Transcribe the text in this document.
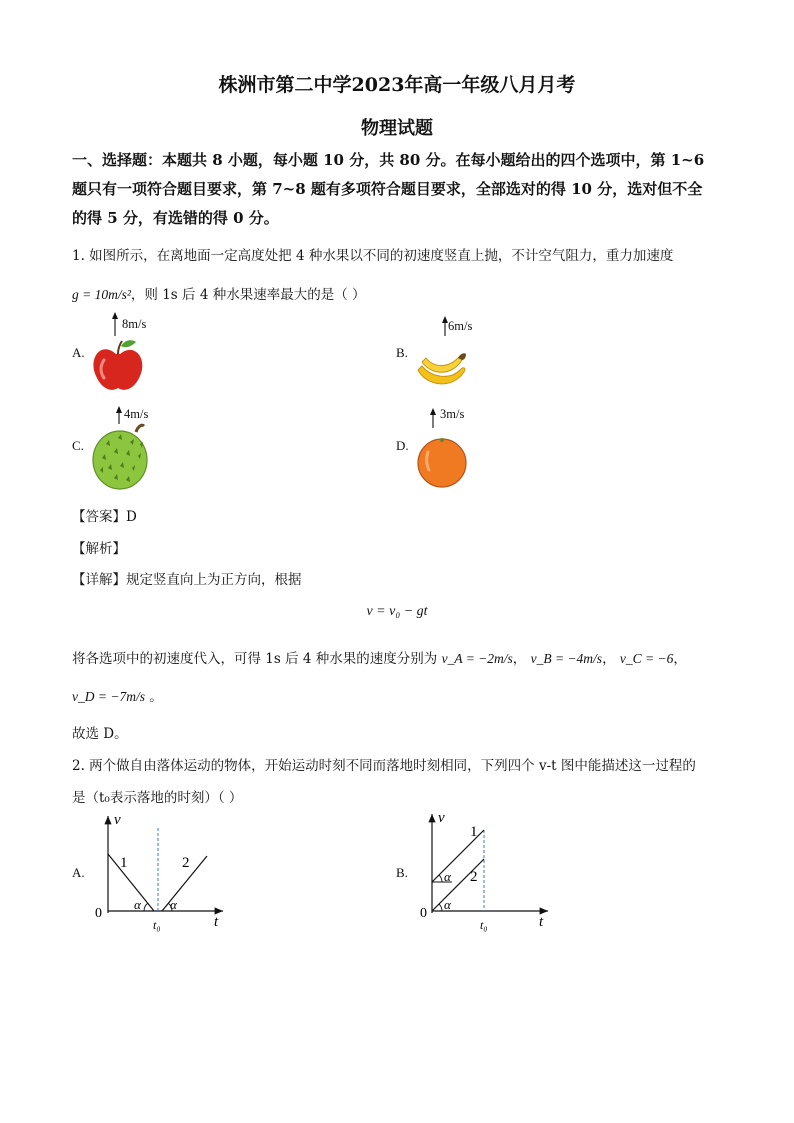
株洲市第二中学2023年高一年级八月月考
物理试题
一、选择题：本题共 8 小题，每小题 10 分，共 80 分。在每小题给出的四个选项中，第 1~6
题只有一项符合题目要求，第 7~8 题有多项符合题目要求，全部选对的得 10 分，选对但不全
的得 5 分，有选错的得 0 分。
1. 如图所示，在离地面一定高度处把 4 种水果以不同的初速度竖直上抛，不计空气阻力，重力加速度
g = 10m/s²，则 1s 后 4 种水果速率最大的是（ ）
A.
8m/s
B.
6m/s
C.
4m/s
D.
3m/s
【答案】D
【解析】
【详解】规定竖直向上为正方向，根据
v = v₀ − gt
将各选项中的初速度代入，可得 1s 后 4 种水果的速度分别为 v_A = −2m/s， v_B = −4m/s， v_C = −6，
v_D = −7m/s 。
故选 D。
2. 两个做自由落体运动的物体，开始运动时刻不同而落地时刻相同，下列四个 v-t 图中能描述这一过程的
是（t₀表示落地的时刻）（ ）
A.
v
t
0
t₀
1	2
α α
B.
v
t
0
t₀
1
2
α
α
